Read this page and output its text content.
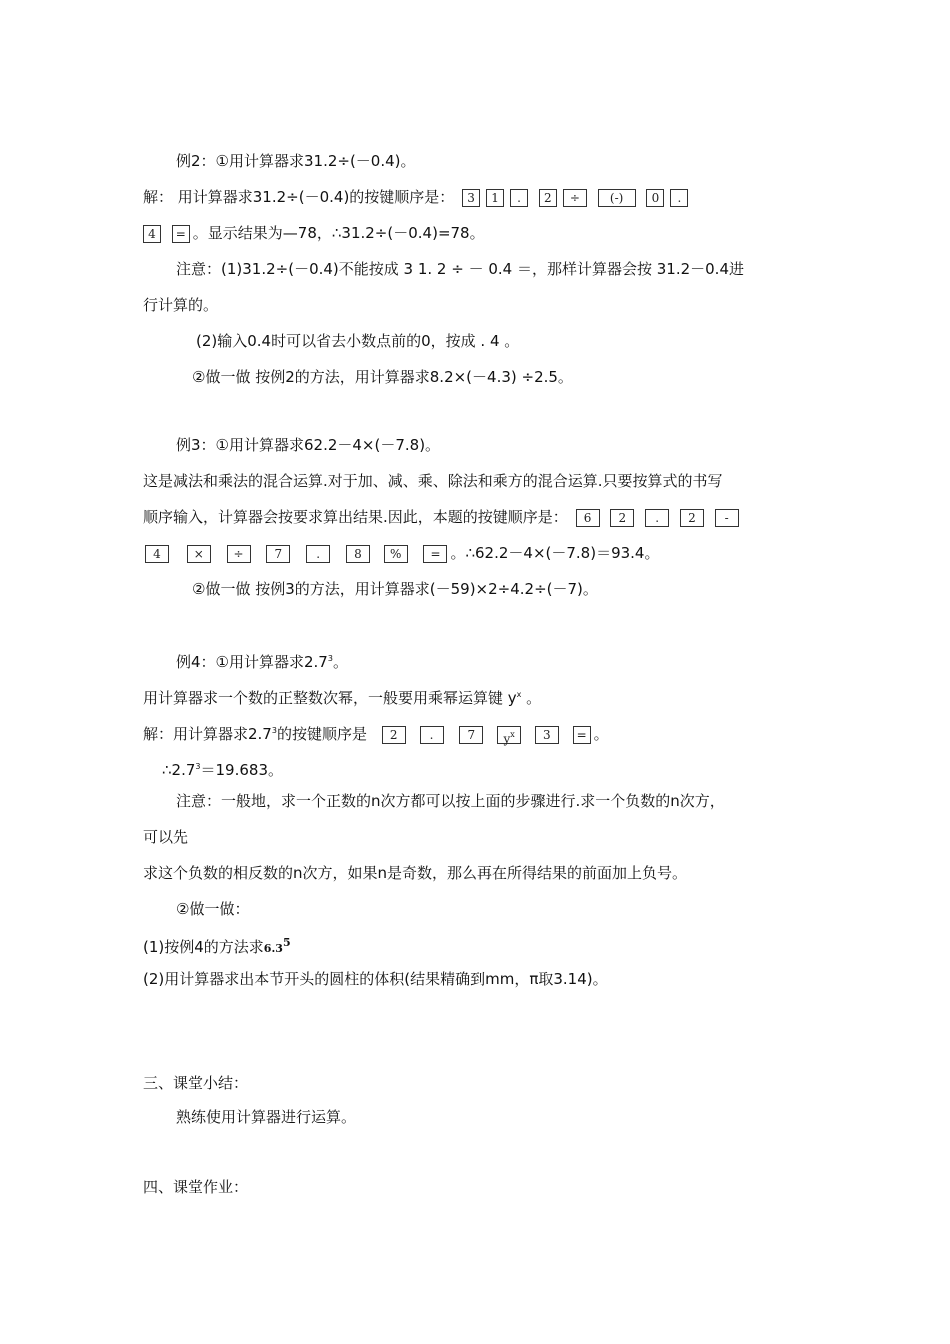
例2：①用计算器求31.2÷(－0.4)。
解： 用计算器求31.2÷(－0.4)的按键顺序是： 3 1 . 2 ÷	(-) 0 .
4 = 。显示结果为—78，∴31.2÷(－0.4)=78。
注意：(1)31.2÷(－0.4)不能按成 3 1. 2 ÷ － 0.4 ＝，那样计算器会按 31.2－0.4进
行计算的。
(2)输入0.4时可以省去小数点前的0，按成 . 4 。
②做一做 按例2的方法，用计算器求8.2×(－4.3) ÷2.5。
例3：①用计算器求62.2－4×(－7.8)。
这是减法和乘法的混合运算.对于加、减、乘、除法和乘方的混合运算.只要按算式的书写
顺序输入，计算器会按要求算出结果.因此，本题的按键顺序是： 6 2 . 2 -
4	× ÷	7	.	8 % = 。∴62.2－4×(－7.8)＝93.4。
②做一做 按例3的方法，用计算器求(－59)×2÷4.2÷(－7)。
例4：①用计算器求$2.7^3$。
用计算器求一个数的正整数次幂，一般要用乘幂运算键 $y^x$ 。
解：用计算器求$2.7^3$的按键顺序是 2	.	7 $y^x$ 3 = 。
$\therefore 2.7^3=19.683$。
注意：一般地，求一个正数的n次方都可以按上面的步骤进行.求一个负数的n次方，
可以先
求这个负数的相反数的n次方，如果n是奇数，那么再在所得结果的前面加上负号。
②做一做：
(1)按例4的方法求$6.3^5$
(2)用计算器求出本节开头的圆柱的体积(结果精确到mm，π取3.14)。
三、课堂小结：
熟练使用计算器进行运算。
四、课堂作业：
